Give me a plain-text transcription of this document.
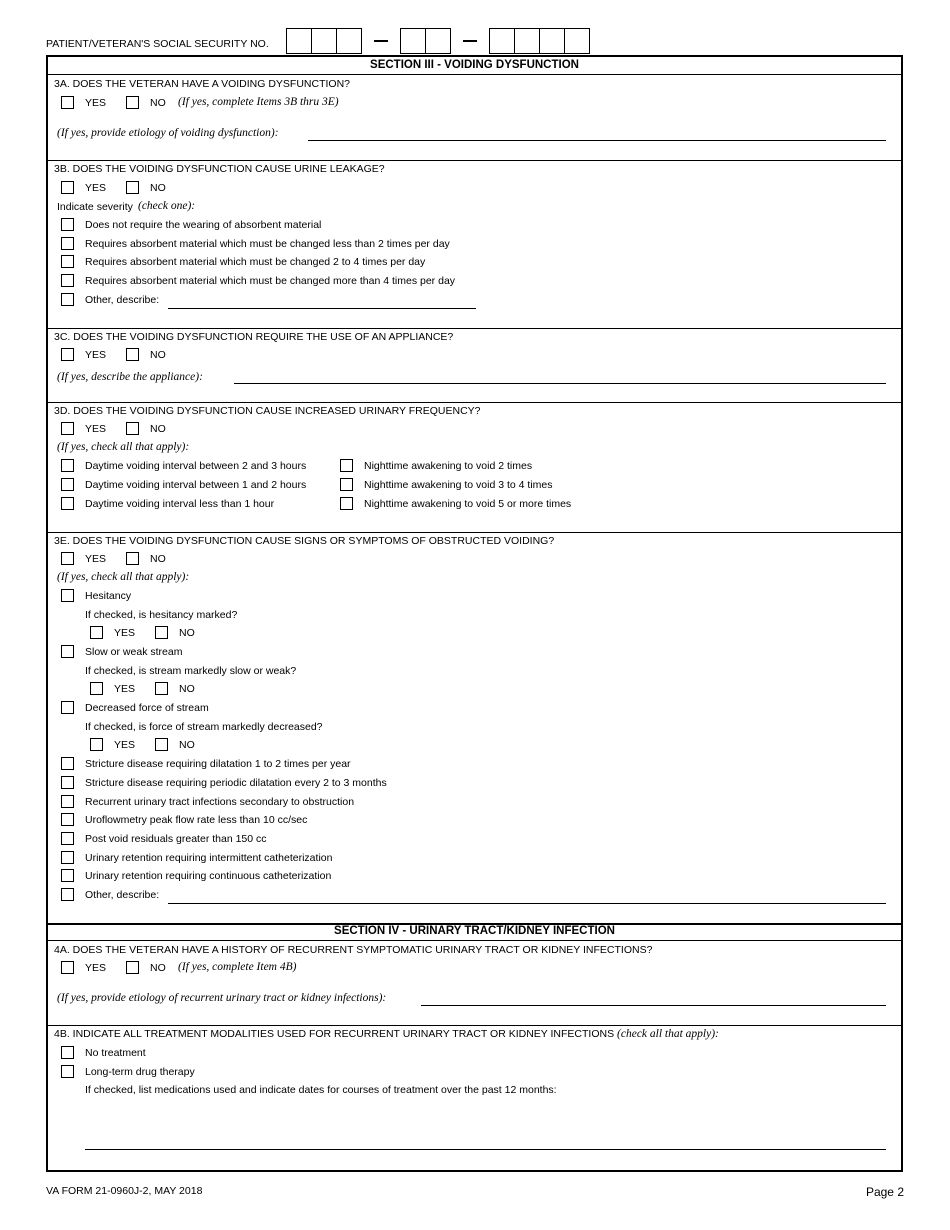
PATIENT/VETERAN'S SOCIAL SECURITY NO.
SECTION III - VOIDING DYSFUNCTION
3A. DOES THE VETERAN HAVE A VOIDING DYSFUNCTION?
YES	NO (If yes, complete Items 3B thru 3E)
(If yes, provide etiology of voiding dysfunction):
3B. DOES THE VOIDING DYSFUNCTION CAUSE URINE LEAKAGE?
YES	NO
Indicate severity (check one):
Does not require the wearing of absorbent material
Requires absorbent material which must be changed less than 2 times per day
Requires absorbent material which must be changed 2 to 4 times per day
Requires absorbent material which must be changed more than 4 times per day
Other, describe:
3C. DOES THE VOIDING DYSFUNCTION REQUIRE THE USE OF AN APPLIANCE?
YES	NO
(If yes, describe the appliance):
3D. DOES THE VOIDING DYSFUNCTION CAUSE INCREASED URINARY FREQUENCY?
YES	NO
(If yes, check all that apply):
Daytime voiding interval between 2 and 3 hours
Daytime voiding interval between 1 and 2 hours
Daytime voiding interval less than 1 hour
Nighttime awakening to void 2 times
Nighttime awakening to void 3 to 4 times
Nighttime awakening to void 5 or more times
3E. DOES THE VOIDING DYSFUNCTION CAUSE SIGNS OR SYMPTOMS OF OBSTRUCTED VOIDING?
YES	NO
(If yes, check all that apply):
Hesitancy
If checked, is hesitancy marked?
YES	NO
Slow or weak stream
If checked, is stream markedly slow or weak?
YES	NO
Decreased force of stream
If checked, is force of stream markedly decreased?
YES	NO
Stricture disease requiring dilatation 1 to 2 times per year
Stricture disease requiring periodic dilatation every 2 to 3 months
Recurrent urinary tract infections secondary to obstruction
Uroflowmetry peak flow rate less than 10 cc/sec
Post void residuals greater than 150 cc
Urinary retention requiring intermittent catheterization
Urinary retention requiring continuous catheterization
Other, describe:
SECTION IV - URINARY TRACT/KIDNEY INFECTION
4A. DOES THE VETERAN HAVE A HISTORY OF RECURRENT SYMPTOMATIC URINARY TRACT OR KIDNEY INFECTIONS?
YES	NO (If yes, complete Item 4B)
(If yes, provide etiology of recurrent urinary tract or kidney infections):
4B. INDICATE ALL TREATMENT MODALITIES USED FOR RECURRENT URINARY TRACT OR KIDNEY INFECTIONS (check all that apply):
No treatment
Long-term drug therapy
If checked, list medications used and indicate dates for courses of treatment over the past 12 months:
VA FORM 21-0960J-2, MAY 2018	Page 2
